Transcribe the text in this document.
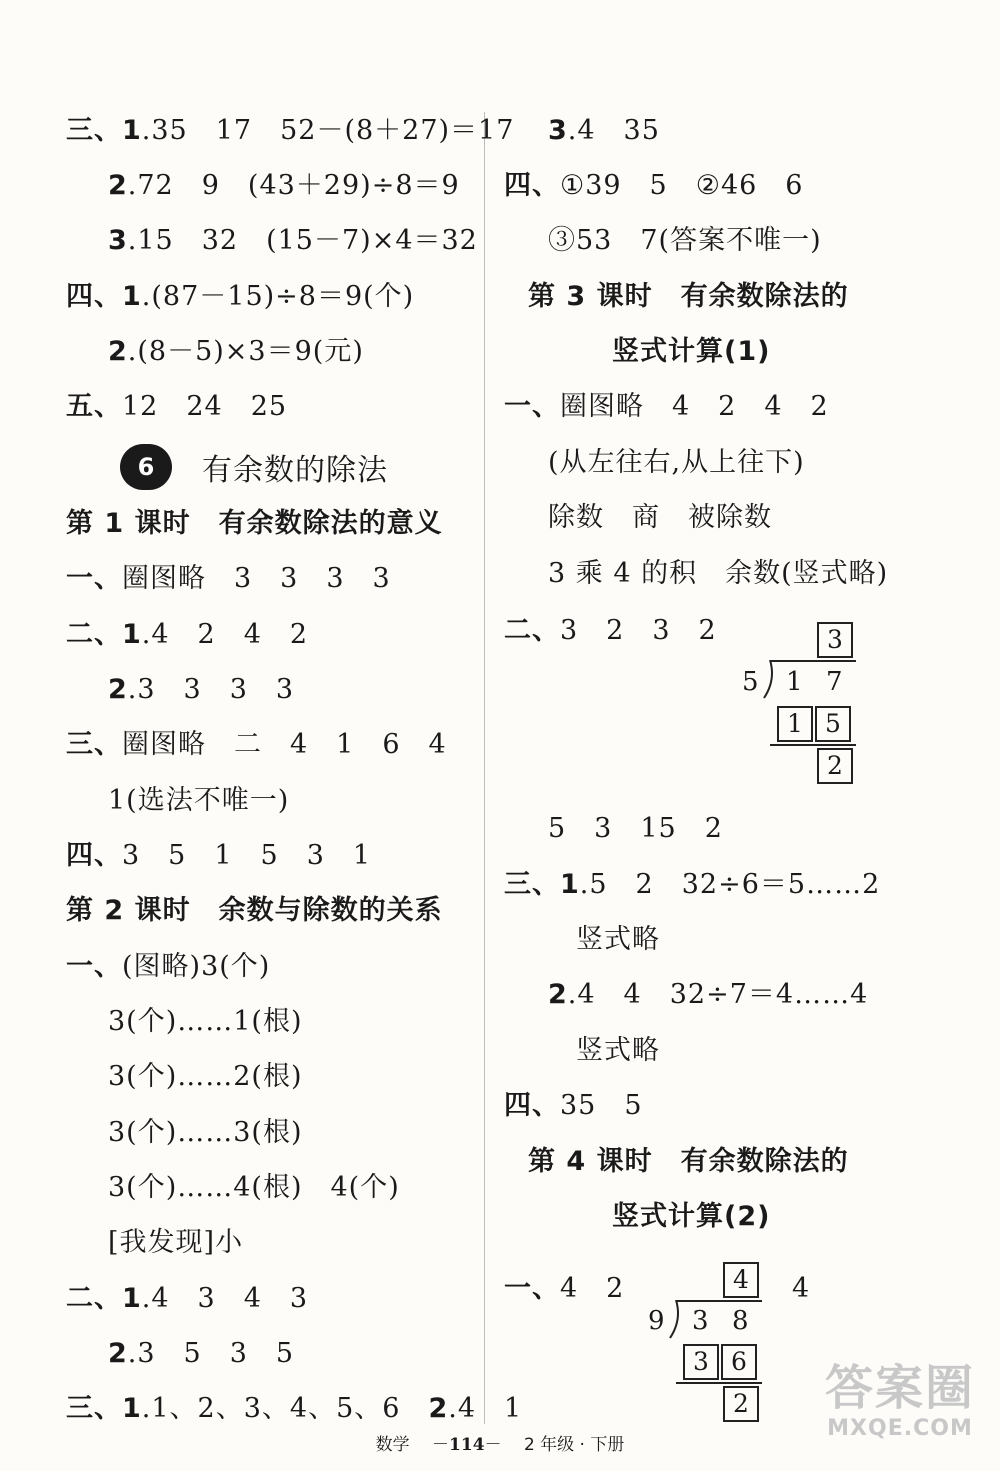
三、1.35　17　52－(8＋27)＝17
2.72　9　(43＋29)÷8＝9
3.15　32　(15－7)×4＝32
四、1.(87－15)÷8＝9(个)
2.(8－5)×3＝9(元)
五、12　24　25
6	有余数的除法
第 1 课时　有余数除法的意义
一、圈图略　3　3　3　3
二、1.4　2　4　2
2.3　3　3　3
三、圈图略　二　4　1　6　4
1(选法不唯一)
四、3　5　1　5　3　1
第 2 课时　余数与除数的关系
一、(图略)3(个)
3(个)……1(根)
3(个)……2(根)
3(个)……3(根)
3(个)……4(根)　4(个)
[我发现]小
二、1.4　3　4　3
2.3　5　3　5
三、1.1、2、3、4、5、6　2.4　1
3.4　35
四、①39　5　②46　6
③53　7(答案不唯一)
第 3 课时　有余数除法的
竖式计算(1)
一、圈图略　4　2　4　2
(从左往右,从上往下)
除数　商　被除数
3 乘 4 的积　余数(竖式略)
二、3　2　3　2	3
5 1 7
1 5
2
5　3　15　2
三、1.5　2　32÷6＝5……2
竖式略
2.4　4　32÷7＝4……4
竖式略
四、35　5
第 4 课时　有余数除法的
竖式计算(2)
一、4　2	4
4
9 3 8
3 6
2
数学 　－114－　 2 年级 · 下册
答案圈
MXQE.COM
